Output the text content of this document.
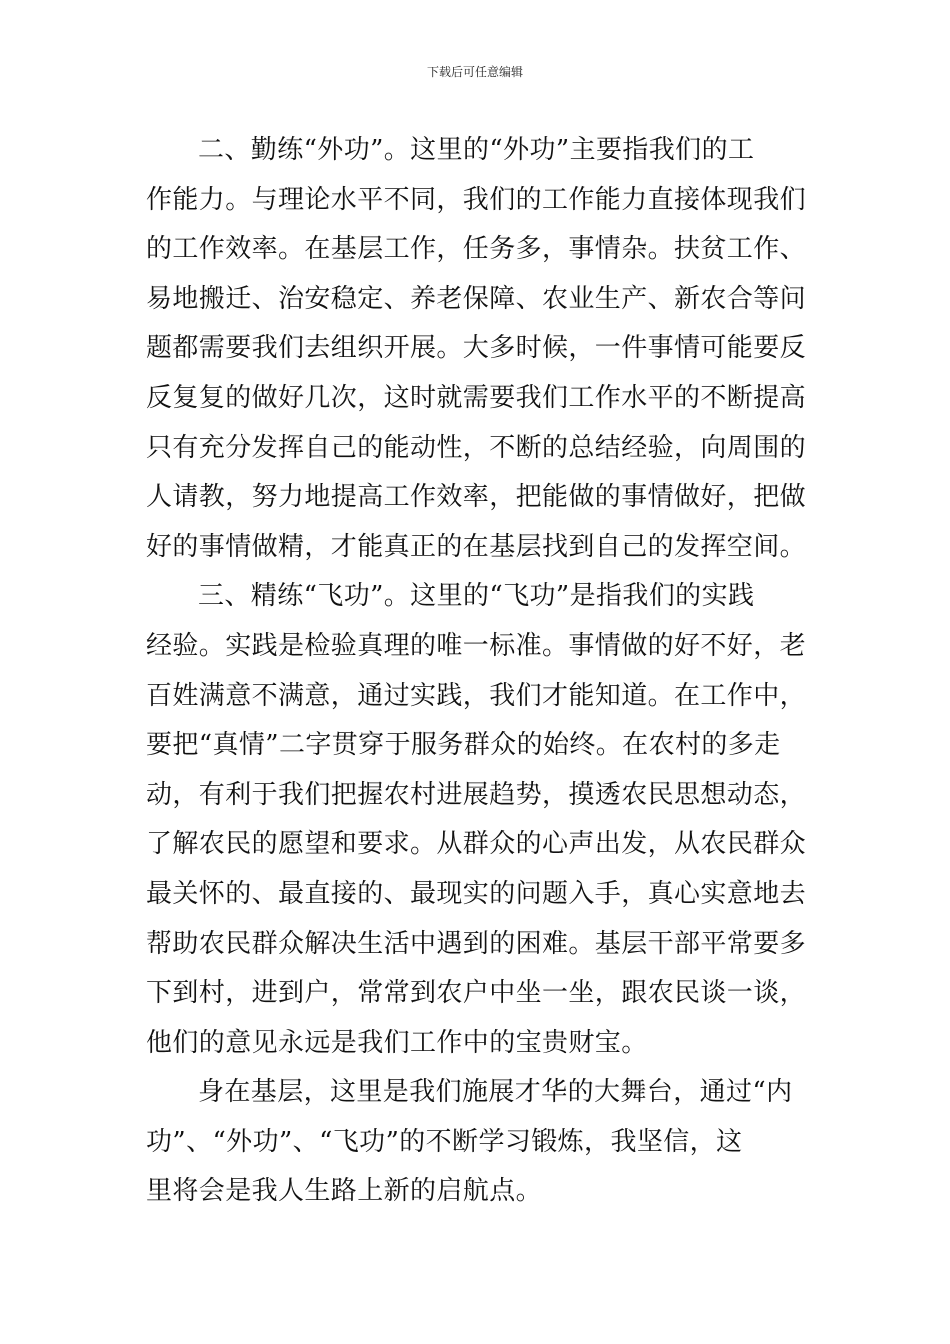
下载后可任意编辑
二、勤练“外功”。这里的“外功”主要指我们的工
作能力。与理论水平不同，我们的工作能力直接体现我们
的工作效率。在基层工作，任务多，事情杂。扶贫工作、
易地搬迁、治安稳定、养老保障、农业生产、新农合等问
题都需要我们去组织开展。大多时候，一件事情可能要反
反复复的做好几次，这时就需要我们工作水平的不断提高
只有充分发挥自己的能动性，不断的总结经验，向周围的
人请教，努力地提高工作效率，把能做的事情做好，把做
好的事情做精，才能真正的在基层找到自己的发挥空间。
三、精练“飞功”。这里的“飞功”是指我们的实践
经验。实践是检验真理的唯一标准。事情做的好不好，老
百姓满意不满意，通过实践，我们才能知道。在工作中，
要把“真情”二字贯穿于服务群众的始终。在农村的多走
动，有利于我们把握农村进展趋势，摸透农民思想动态，
了解农民的愿望和要求。从群众的心声出发，从农民群众
最关怀的、最直接的、最现实的问题入手，真心实意地去
帮助农民群众解决生活中遇到的困难。基层干部平常要多
下到村，进到户，常常到农户中坐一坐，跟农民谈一谈，
他们的意见永远是我们工作中的宝贵财宝。
身在基层，这里是我们施展才华的大舞台，通过“内
功”、“外功”、“飞功”的不断学习锻炼，我坚信，这
里将会是我人生路上新的启航点。
